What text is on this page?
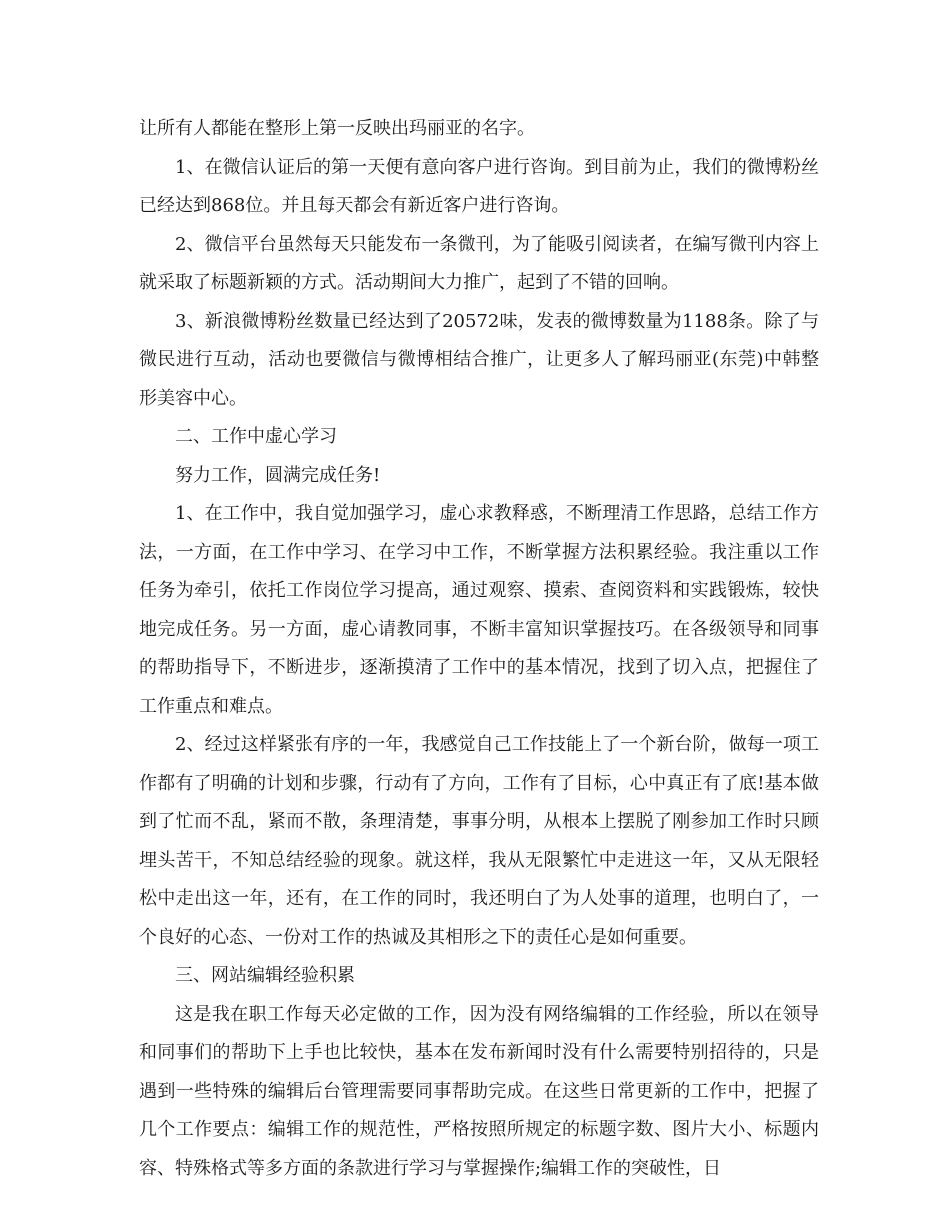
让所有人都能在整形上第一反映出玛丽亚的名字。

1、在微信认证后的第一天便有意向客户进行咨询。到目前为止，我们的微博粉丝已经达到868位。并且每天都会有新近客户进行咨询。

2、微信平台虽然每天只能发布一条微刊，为了能吸引阅读者，在编写微刊内容上就采取了标题新颖的方式。活动期间大力推广，起到了不错的回响。

3、新浪微博粉丝数量已经达到了20572味，发表的微博数量为1188条。除了与微民进行互动，活动也要微信与微博相结合推广，让更多人了解玛丽亚(东莞)中韩整形美容中心。

二、工作中虚心学习

努力工作，圆满完成任务!

1、在工作中，我自觉加强学习，虚心求教释惑，不断理清工作思路，总结工作方法，一方面，在工作中学习、在学习中工作，不断掌握方法积累经验。我注重以工作任务为牵引，依托工作岗位学习提高，通过观察、摸索、查阅资料和实践锻炼，较快地完成任务。另一方面，虚心请教同事，不断丰富知识掌握技巧。在各级领导和同事的帮助指导下，不断进步，逐渐摸清了工作中的基本情况，找到了切入点，把握住了工作重点和难点。

2、经过这样紧张有序的一年，我感觉自己工作技能上了一个新台阶，做每一项工作都有了明确的计划和步骤，行动有了方向，工作有了目标，心中真正有了底!基本做到了忙而不乱，紧而不散，条理清楚，事事分明，从根本上摆脱了刚参加工作时只顾埋头苦干，不知总结经验的现象。就这样，我从无限繁忙中走进这一年，又从无限轻松中走出这一年，还有，在工作的同时，我还明白了为人处事的道理，也明白了，一个良好的心态、一份对工作的热诚及其相形之下的责任心是如何重要。

三、网站编辑经验积累

这是我在职工作每天必定做的工作，因为没有网络编辑的工作经验，所以在领导和同事们的帮助下上手也比较快，基本在发布新闻时没有什么需要特别招待的，只是遇到一些特殊的编辑后台管理需要同事帮助完成。在这些日常更新的工作中，把握了几个工作要点：编辑工作的规范性，严格按照所规定的标题字数、图片大小、标题内容、特殊格式等多方面的条款进行学习与掌握操作;编辑工作的突破性，日
